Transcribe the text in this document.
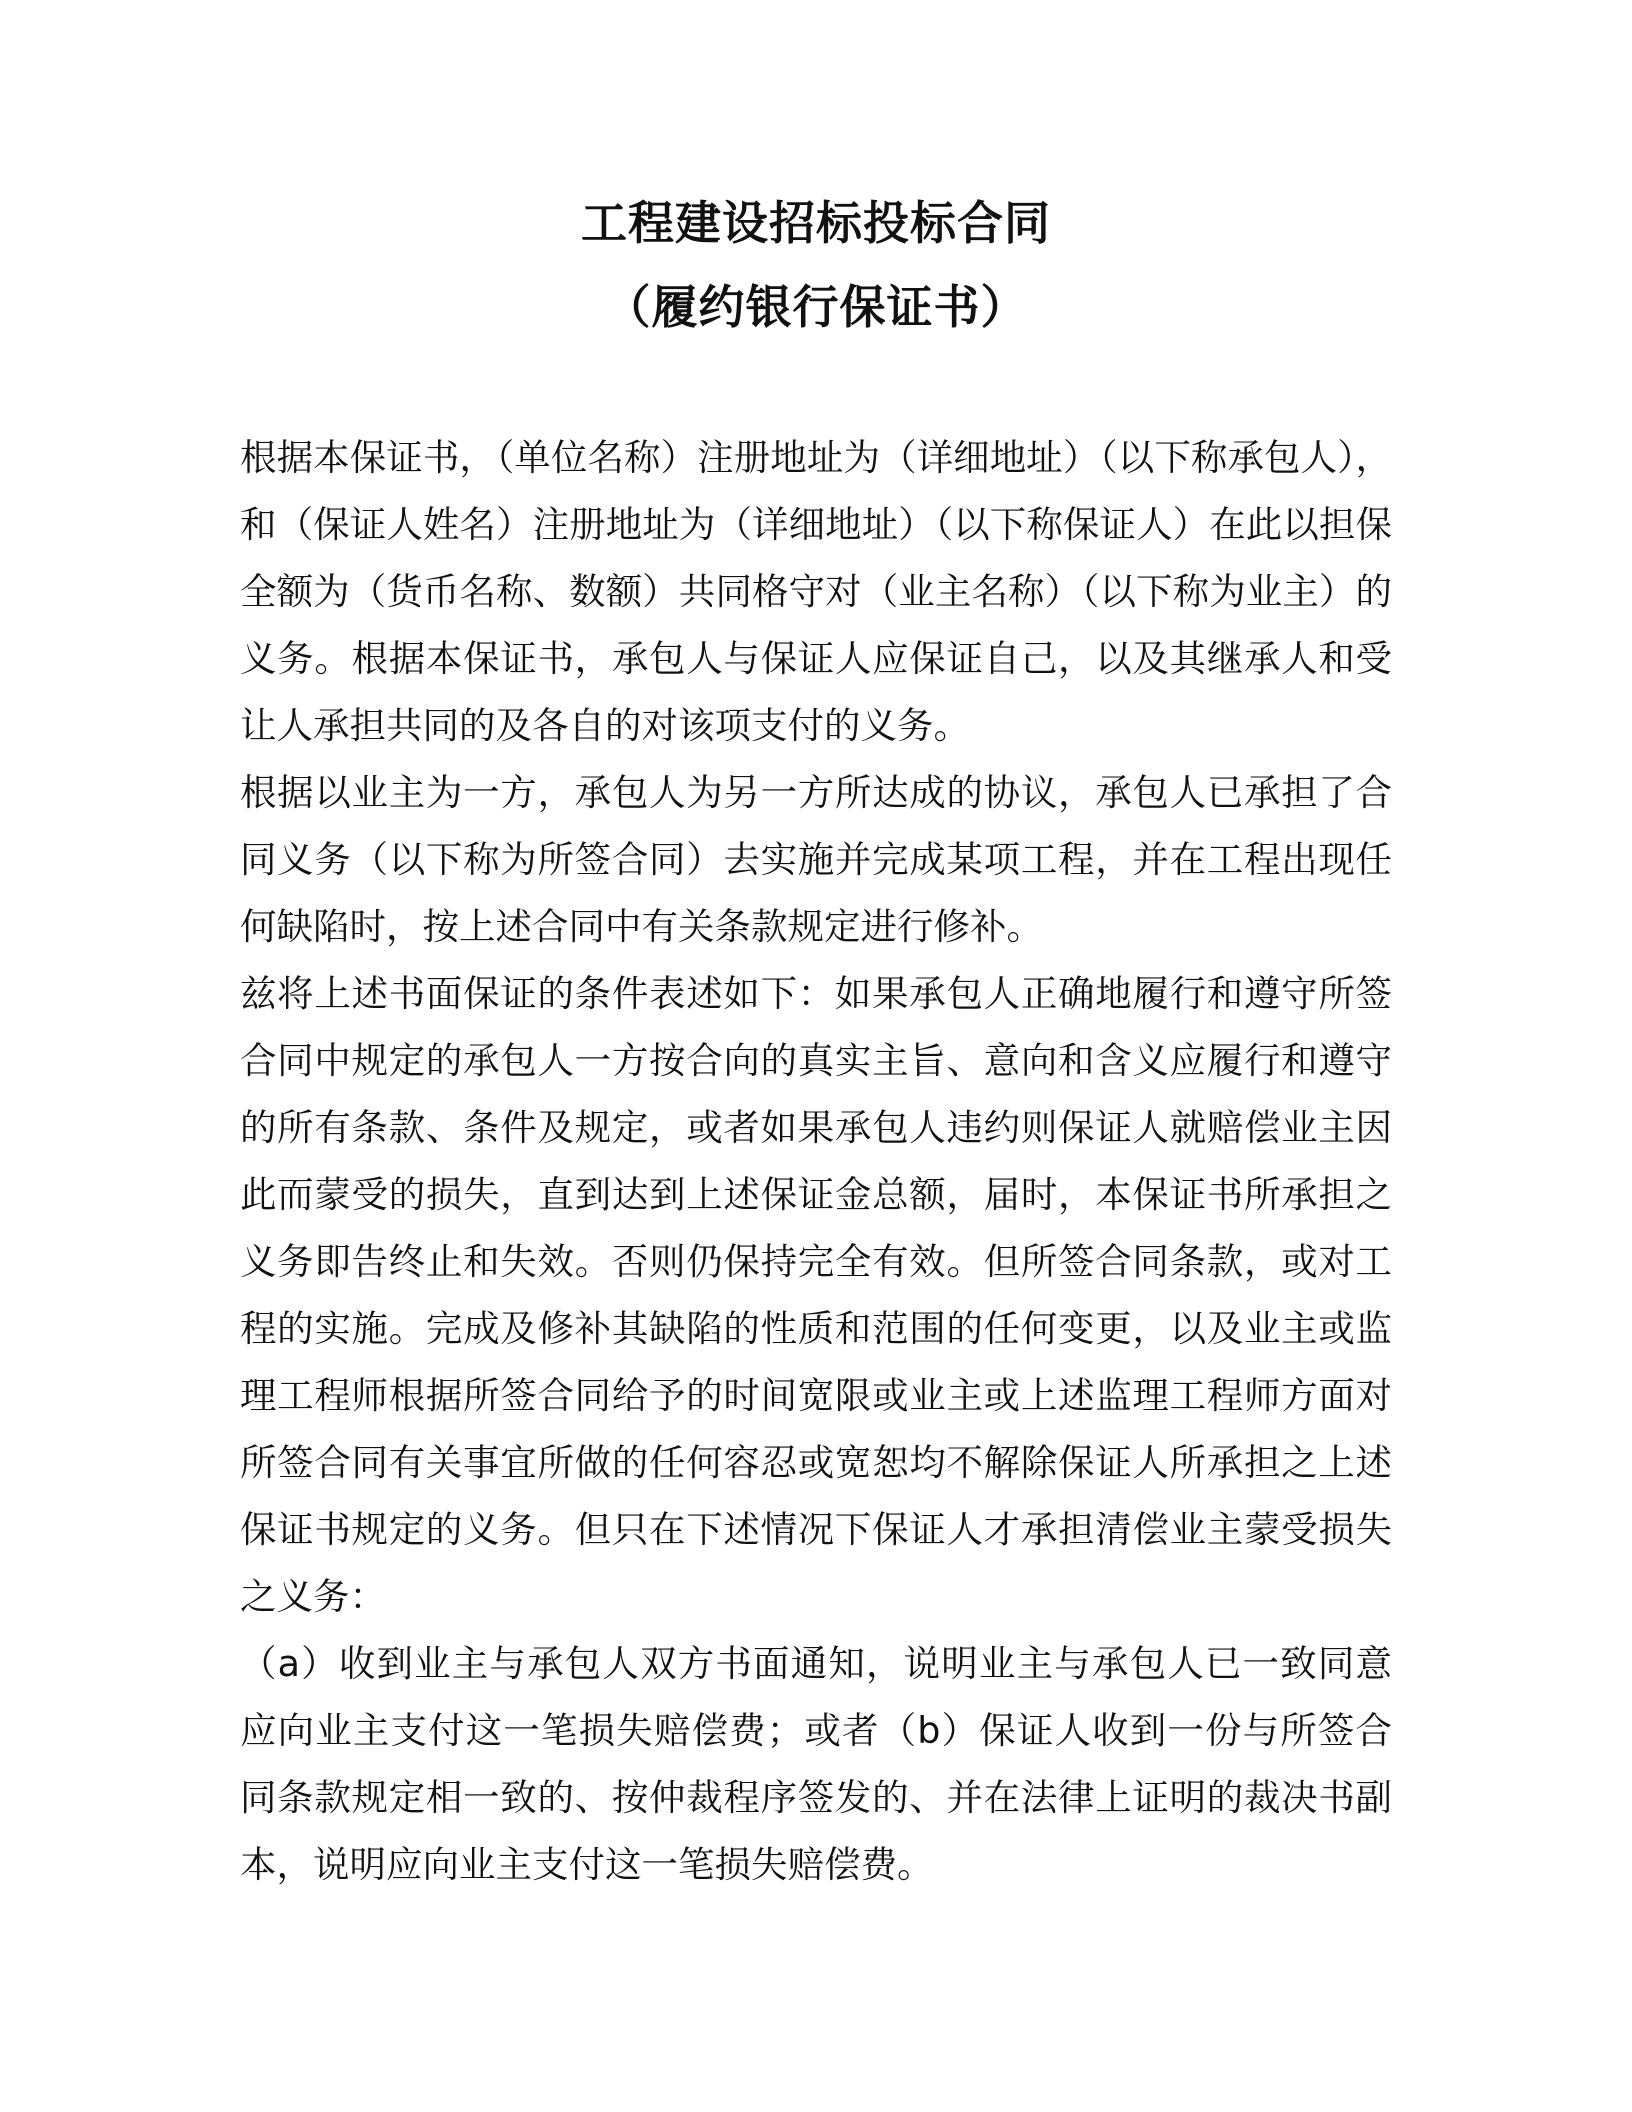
工程建设招标投标合同
（履约银行保证书）

根据本保证书，（单位名称）注册地址为（详细地址）（以下称承包人），和（保证人姓名）注册地址为（详细地址）（以下称保证人）在此以担保全额为（货币名称、数额）共同格守对（业主名称）（以下称为业主）的义务。根据本保证书，承包人与保证人应保证自己，以及其继承人和受让人承担共同的及各自的对该项支付的义务。

根据以业主为一方，承包人为另一方所达成的协议，承包人已承担了合同义务（以下称为所签合同）去实施并完成某项工程，并在工程出现任何缺陷时，按上述合同中有关条款规定进行修补。

兹将上述书面保证的条件表述如下：如果承包人正确地履行和遵守所签合同中规定的承包人一方按合向的真实主旨、意向和含义应履行和遵守的所有条款、条件及规定，或者如果承包人违约则保证人就赔偿业主因此而蒙受的损失，直到达到上述保证金总额，届时，本保证书所承担之义务即告终止和失效。否则仍保持完全有效。但所签合同条款，或对工程的实施。完成及修补其缺陷的性质和范围的任何变更，以及业主或监理工程师根据所签合同给予的时间宽限或业主或上述监理工程师方面对所签合同有关事宜所做的任何容忍或宽恕均不解除保证人所承担之上述保证书规定的义务。但只在下述情况下保证人才承担清偿业主蒙受损失之义务：

（a）收到业主与承包人双方书面通知，说明业主与承包人已一致同意应向业主支付这一笔损失赔偿费；或者（b）保证人收到一份与所签合同条款规定相一致的、按仲裁程序签发的、并在法律上证明的裁决书副本，说明应向业主支付这一笔损失赔偿费。
